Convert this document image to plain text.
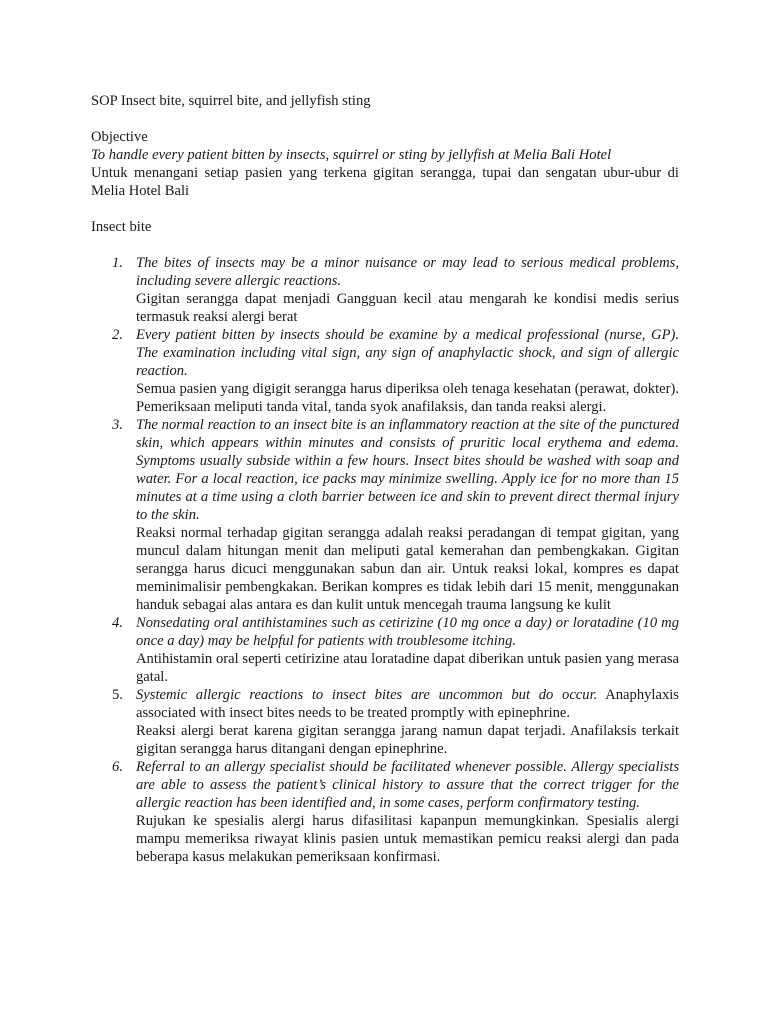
SOP Insect bite, squirrel bite, and jellyfish sting
Objective
To handle every patient bitten by insects, squirrel or sting by jellyfish at Melia Bali Hotel
Untuk menangani setiap pasien yang terkena gigitan serangga, tupai dan sengatan ubur-ubur di Melia Hotel Bali
Insect bite
1. The bites of insects may be a minor nuisance or may lead to serious medical problems, including severe allergic reactions.
Gigitan serangga dapat menjadi Gangguan kecil atau mengarah ke kondisi medis serius termasuk reaksi alergi berat
2. Every patient bitten by insects should be examine by a medical professional (nurse, GP). The examination including vital sign, any sign of anaphylactic shock, and sign of allergic reaction.
Semua pasien yang digigit serangga harus diperiksa oleh tenaga kesehatan (perawat, dokter). Pemeriksaan meliputi tanda vital, tanda syok anafilaksis, dan tanda reaksi alergi.
3. The normal reaction to an insect bite is an inflammatory reaction at the site of the punctured skin, which appears within minutes and consists of pruritic local erythema and edema. Symptoms usually subside within a few hours. Insect bites should be washed with soap and water. For a local reaction, ice packs may minimize swelling. Apply ice for no more than 15 minutes at a time using a cloth barrier between ice and skin to prevent direct thermal injury to the skin.
Reaksi normal terhadap gigitan serangga adalah reaksi peradangan di tempat gigitan, yang muncul dalam hitungan menit dan meliputi gatal kemerahan dan pembengkakan. Gigitan serangga harus dicuci menggunakan sabun dan air. Untuk reaksi lokal, kompres es dapat meminimalisir pembengkakan. Berikan kompres es tidak lebih dari 15 menit, menggunakan handuk sebagai alas antara es dan kulit untuk mencegah trauma langsung ke kulit
4. Nonsedating oral antihistamines such as cetirizine (10 mg once a day) or loratadine (10 mg once a day) may be helpful for patients with troublesome itching.
Antihistamin oral seperti cetirizine atau loratadine dapat diberikan untuk pasien yang merasa gatal.
5. Systemic allergic reactions to insect bites are uncommon but do occur. Anaphylaxis associated with insect bites needs to be treated promptly with epinephrine.
Reaksi alergi berat karena gigitan serangga jarang namun dapat terjadi. Anafilaksis terkait gigitan serangga harus ditangani dengan epinephrine.
6. Referral to an allergy specialist should be facilitated whenever possible. Allergy specialists are able to assess the patient’s clinical history to assure that the correct trigger for the allergic reaction has been identified and, in some cases, perform confirmatory testing.
Rujukan ke spesialis alergi harus difasilitasi kapanpun memungkinkan. Spesialis alergi mampu memeriksa riwayat klinis pasien untuk memastikan pemicu reaksi alergi dan pada beberapa kasus melakukan pemeriksaan konfirmasi.
